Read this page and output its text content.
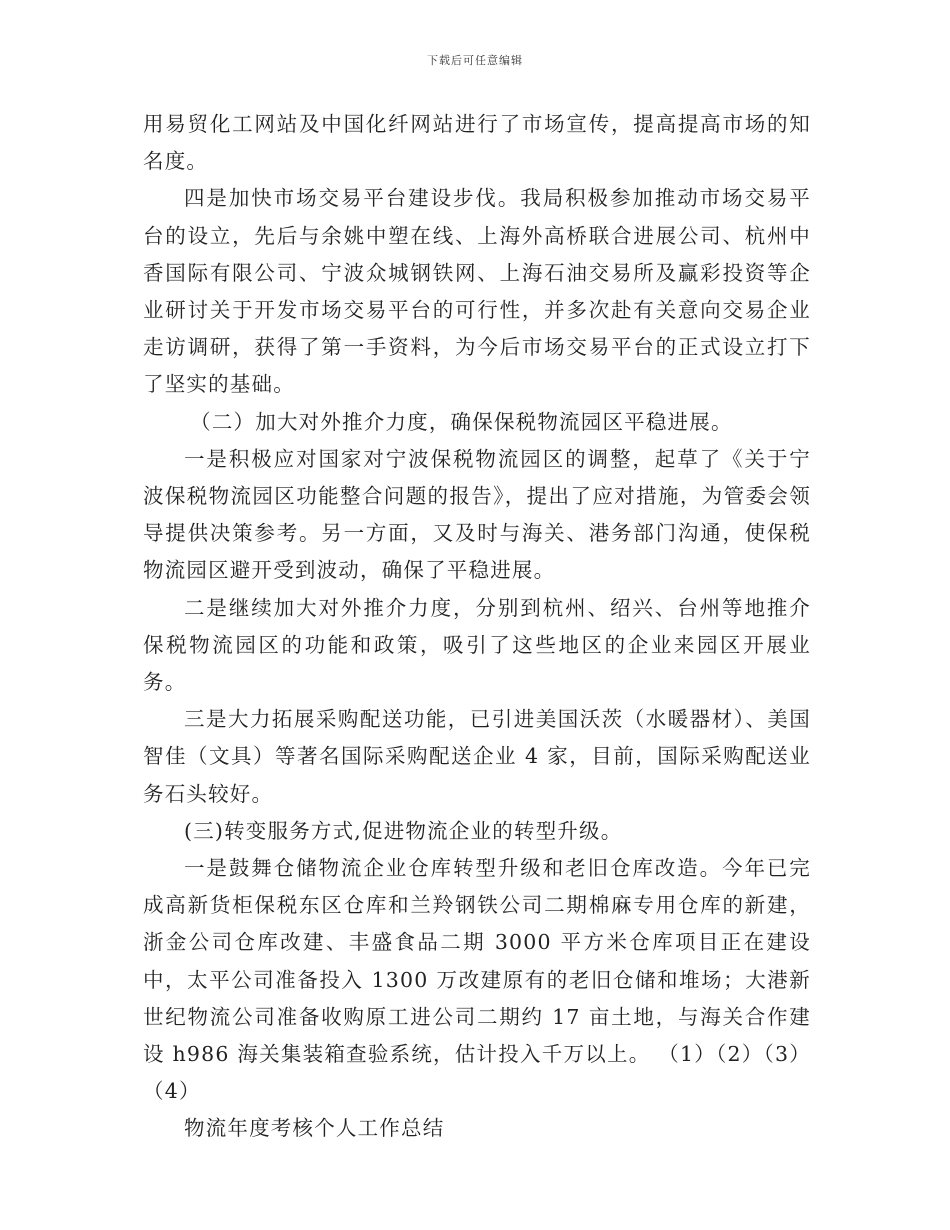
下载后可任意编辑

用易贸化工网站及中国化纤网站进行了市场宣传，提高提高市场的知名度。

四是加快市场交易平台建设步伐。我局积极参加推动市场交易平台的设立，先后与余姚中塑在线、上海外高桥联合进展公司、杭州中香国际有限公司、宁波众城钢铁网、上海石油交易所及赢彩投资等企业研讨关于开发市场交易平台的可行性，并多次赴有关意向交易企业走访调研，获得了第一手资料，为今后市场交易平台的正式设立打下了坚实的基础。

（二）加大对外推介力度，确保保税物流园区平稳进展。

一是积极应对国家对宁波保税物流园区的调整，起草了《关于宁波保税物流园区功能整合问题的报告》，提出了应对措施，为管委会领导提供决策参考。另一方面，又及时与海关、港务部门沟通，使保税物流园区避开受到波动，确保了平稳进展。

二是继续加大对外推介力度，分别到杭州、绍兴、台州等地推介保税物流园区的功能和政策，吸引了这些地区的企业来园区开展业务。

三是大力拓展采购配送功能，已引进美国沃茨（水暖器材）、美国智佳（文具）等著名国际采购配送企业 4 家，目前，国际采购配送业务石头较好。

(三)转变服务方式,促进物流企业的转型升级。

一是鼓舞仓储物流企业仓库转型升级和老旧仓库改造。今年已完成高新货柜保税东区仓库和兰羚钢铁公司二期棉麻专用仓库的新建，浙金公司仓库改建、丰盛食品二期 3000 平方米仓库项目正在建设中，太平公司准备投入 1300 万改建原有的老旧仓储和堆场；大港新世纪物流公司准备收购原工进公司二期约 17 亩土地，与海关合作建设 h986 海关集装箱查验系统，估计投入千万以上。 （1）（2）（3）（4）

物流年度考核个人工作总结
